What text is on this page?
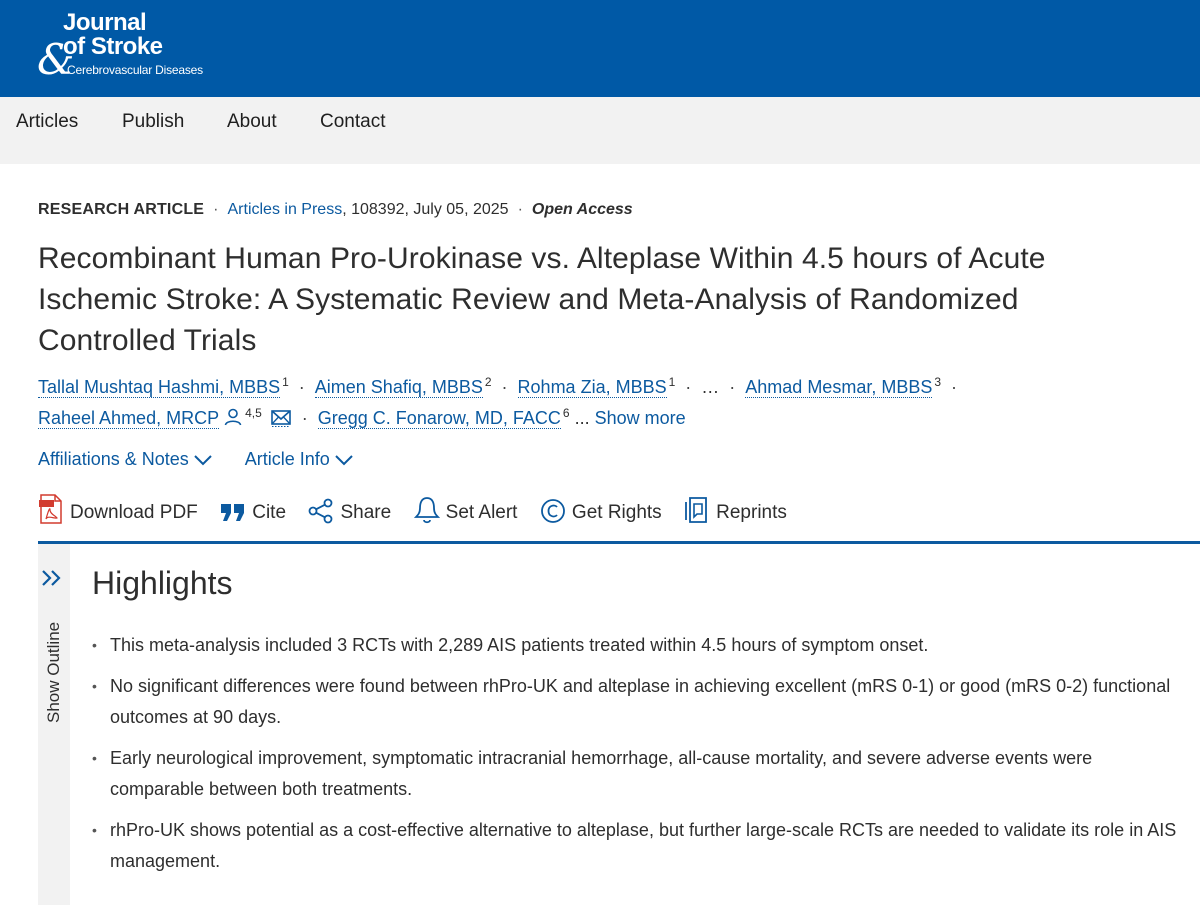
&
Journal
of Stroke
Cerebrovascular Diseases
Articles Publish About Contact
RESEARCH ARTICLE · Articles in Press, 108392, July 05, 2025 · Open Access
Recombinant Human Pro-Urokinase vs. Alteplase Within 4.5 hours of Acute Ischemic Stroke: A Systematic Review and Meta-Analysis of Randomized Controlled Trials
Tallal Mushtaq Hashmi, MBBS $^1$ · Aimen Shafiq, MBBS $^2$ · Rohma Zia, MBBS $^1$ · … · Ahmad Mesmar, MBBS $^3$ ·
Raheel Ahmed, MRCP $^{4,5}$ · Gregg C. Fonarow, MD, FACC $^6$ ... Show more
Affiliations & Notes	Article Info
Download PDF	Cite	Share	Set Alert	Get Rights	Reprints
Show Outline
Highlights
• This meta-analysis included 3 RCTs with 2,289 AIS patients treated within 4.5 hours of symptom onset.
• No significant differences were found between rhPro-UK and alteplase in achieving excellent (mRS 0-1) or good (mRS 0-2) functional outcomes at 90 days.
• Early neurological improvement, symptomatic intracranial hemorrhage, all-cause mortality, and severe adverse events were comparable between both treatments.
• rhPro-UK shows potential as a cost-effective alternative to alteplase, but further large-scale RCTs are needed to validate its role in AIS management.
